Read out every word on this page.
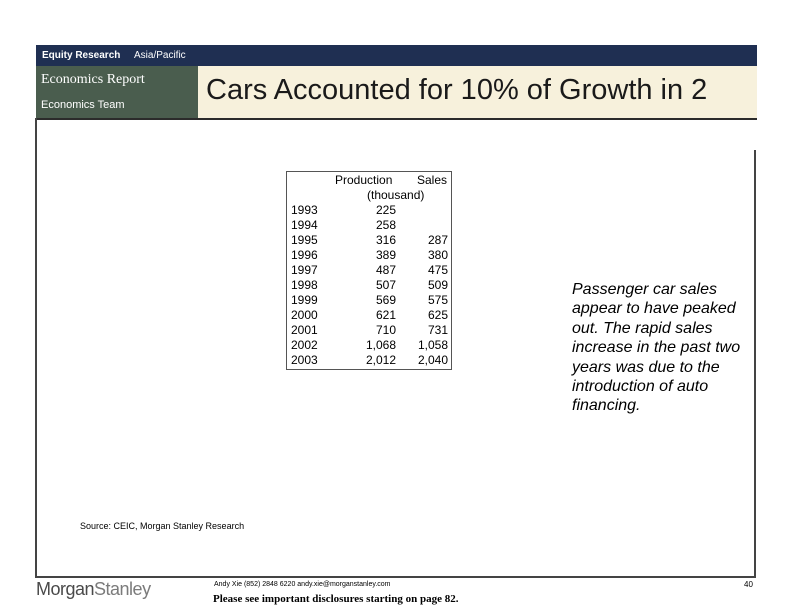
Equity Research Asia/Pacific
Economics Report
Economics Team	Cars Accounted for 10% of Growth in 2
Production Sales
(thousand)
1993	225
1994	258
1995	316	287
1996	389	380
1997	487	475
1998	507	509
1999	569	575
2000	621	625
2001	710	731
2002	1,068 1,058
2003	2,012 2,040
Passenger car sales appear to have peaked out. The rapid sales increase in the past two years was due to the introduction of auto financing.
Source: CEIC, Morgan Stanley Research
MorganStanley	Andy Xie (852) 2848 6220 andy.xie@morganstanley.com
Please see important disclosures starting on page 82.
40
